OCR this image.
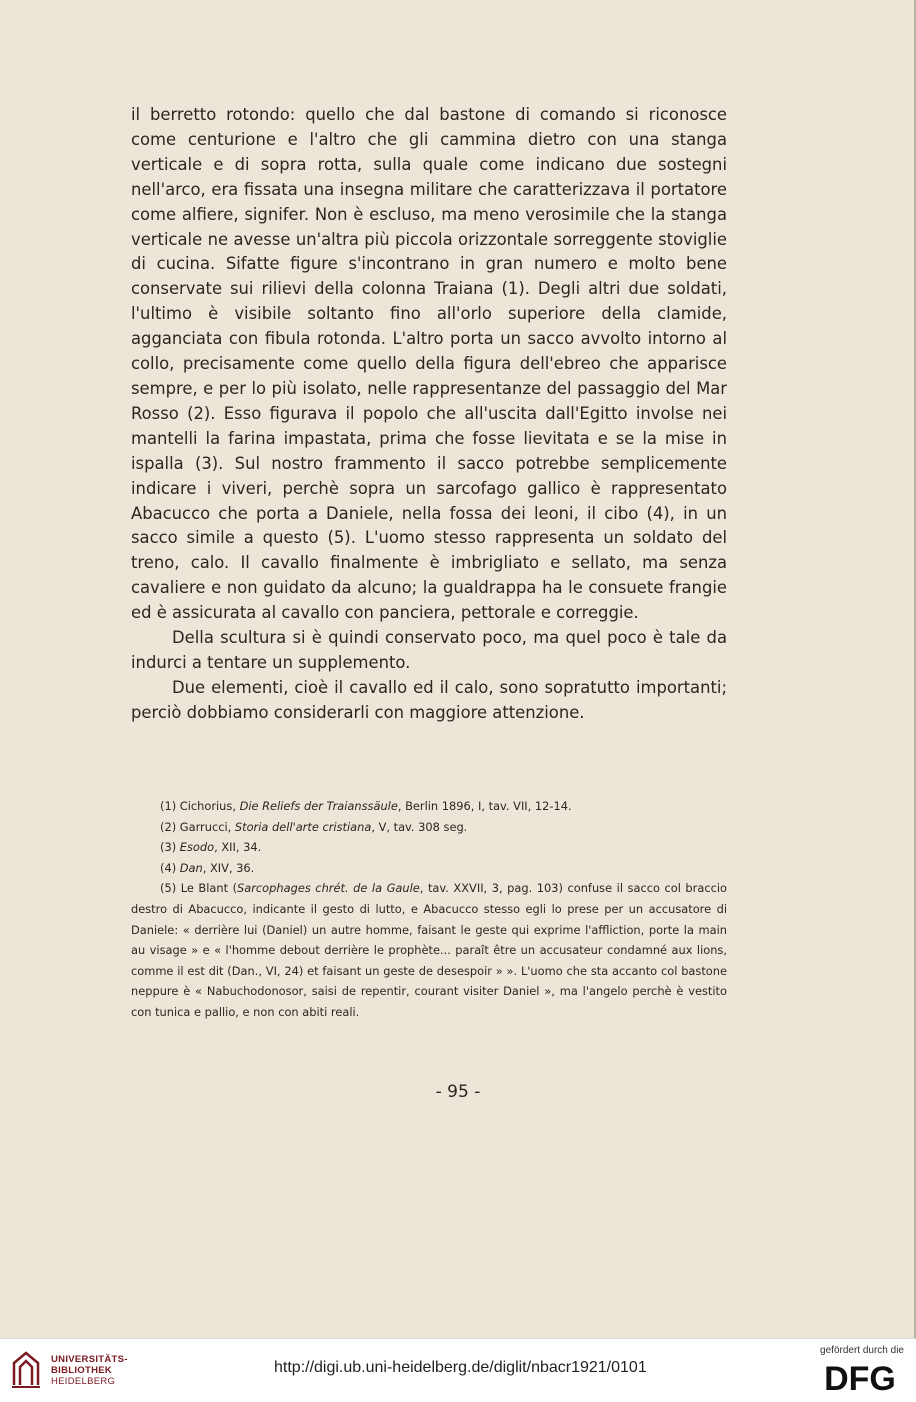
il berretto rotondo: quello che dal bastone di comando si riconosce come centurione e l'altro che gli cammina dietro con una stanga verticale e di sopra rotta, sulla quale come indicano due sostegni nell'arco, era fissata una insegna militare che caratterizzava il portatore come alfiere, signifer. Non è escluso, ma meno verosimile che la stanga verticale ne avesse un'altra più piccola orizzontale sorreggente stoviglie di cucina. Sifatte figure s'incontrano in gran numero e molto bene conservate sui rilievi della colonna Traiana (1). Degli altri due soldati, l'ultimo è visibile soltanto fino all'orlo superiore della clamide, agganciata con fibula rotonda. L'altro porta un sacco avvolto intorno al collo, precisamente come quello della figura dell'ebreo che apparisce sempre, e per lo più isolato, nelle rappresentanze del passaggio del Mar Rosso (2). Esso figurava il popolo che all'uscita dall'Egitto involse nei mantelli la farina impastata, prima che fosse lievitata e se la mise in ispalla (3). Sul nostro frammento il sacco potrebbe semplicemente indicare i viveri, perchè sopra un sarcofago gallico è rappresentato Abacucco che porta a Daniele, nella fossa dei leoni, il cibo (4), in un sacco simile a questo (5). L'uomo stesso rappresenta un soldato del treno, calo. Il cavallo finalmente è imbrigliato e sellato, ma senza cavaliere e non guidato da alcuno; la gualdrappa ha le consuete frangie ed è assicurata al cavallo con panciera, pettorale e correggie.

Della scultura si è quindi conservato poco, ma quel poco è tale da indurci a tentare un supplemento.

Due elementi, cioè il cavallo ed il calo, sono sopratutto importanti; perciò dobbiamo considerarli con maggiore attenzione.

(1) Cichorius, Die Reliefs der Traianssäule, Berlin 1896, I, tav. VII, 12-14.

(2) Garrucci, Storia dell'arte cristiana, V, tav. 308 seg.

(3) Esodo, XII, 34.

(4) Dan, XIV, 36.

(5) Le Blant (Sarcophages chrét. de la Gaule, tav. XXVII, 3, pag. 103) confuse il sacco col braccio destro di Abacucco, indicante il gesto di lutto, e Abacucco stesso egli lo prese per un accusatore di Daniele: « derrière lui (Daniel) un autre homme, faisant le geste qui exprime l'affliction, porte la main au visage » e « l'homme debout derrière le prophète... paraît être un accusateur condamné aux lions, comme il est dit (Dan., VI, 24) et faisant un geste de desespoir » ». L'uomo che sta accanto col bastone neppure è « Nabuchodonosor, saisi de repentir, courant visiter Daniel », ma l'angelo perchè è vestito con tunica e pallio, e non con abiti reali.

- 95 -
UNIVERSITÄTS-
BIBLIOTHEK
HEIDELBERG
http://digi.ub.uni-heidelberg.de/diglit/nbacr1921/0101
gefördert durch die
DFG
